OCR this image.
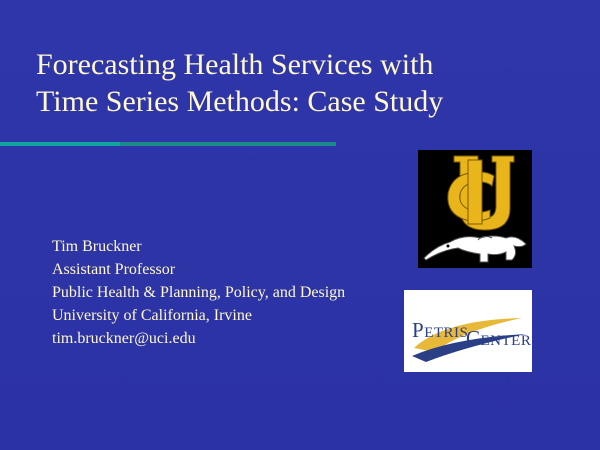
Forecasting Health Services with
Time Series Methods: Case Study
PETRIS
CENTER
Tim Bruckner
Assistant Professor
Public Health & Planning, Policy, and Design
University of California, Irvine
tim.bruckner@uci.edu
